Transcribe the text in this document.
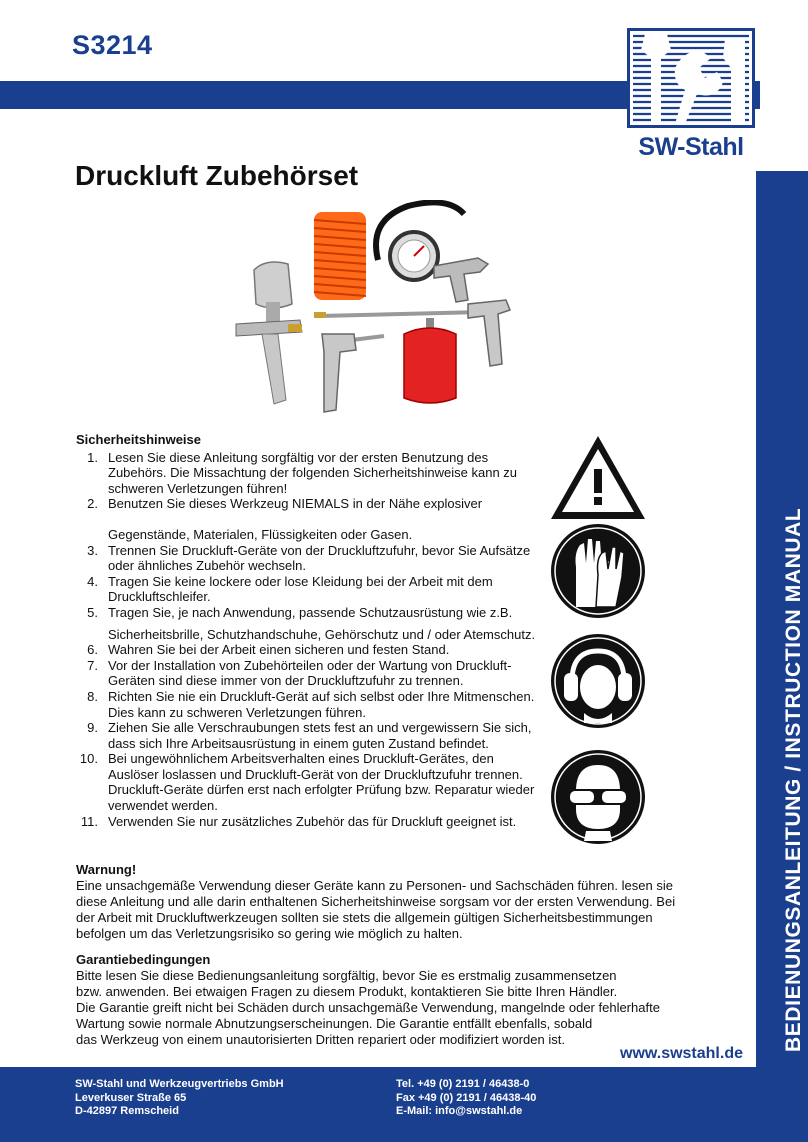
S3214
SW-Stahl
BEDIENUNGSANLEITUNG / INSTRUCTION MANUAL
Druckluft Zubehörset
Sicherheitshinweise
1. Lesen Sie diese Anleitung sorgfältig vor der ersten Benutzung des Zubehörs. Die Missachtung der folgenden Sicherheitshinweise kann zu schweren Verletzungen führen!
2. Benutzen Sie dieses Werkzeug NIEMALS in der Nähe explosiver
Gegenstände, Materialen, Flüssigkeiten oder Gasen.
3. Trennen Sie Druckluft-Geräte von der Druckluftzufuhr, bevor Sie Aufsätze oder ähnliches Zubehör wechseln.
4. Tragen Sie keine lockere oder lose Kleidung bei der Arbeit mit dem Druckluftschleifer.
5. Tragen Sie, je nach Anwendung, passende Schutzausrüstung wie z.B.
Sicherheitsbrille, Schutzhandschuhe, Gehörschutz und / oder Atemschutz.
6. Wahren Sie bei der Arbeit einen sicheren und festen Stand.
7. Vor der Installation von Zubehörteilen oder der Wartung von Druckluft-Geräten sind diese immer von der Druckluftzufuhr zu trennen.
8. Richten Sie nie ein Druckluft-Gerät auf sich selbst oder Ihre Mitmenschen. Dies kann zu schweren Verletzungen führen.
9. Ziehen Sie alle Verschraubungen stets fest an und vergewissern Sie sich, dass sich Ihre Arbeitsausrüstung in einem guten Zustand befindet.
10. Bei ungewöhnlichem Arbeitsverhalten eines Druckluft-Gerätes, den Auslöser loslassen und Druckluft-Gerät von der Druckluftzufuhr trennen. Druckluft-Geräte dürfen erst nach erfolgter Prüfung bzw. Reparatur wieder verwendet werden.
11. Verwenden Sie nur zusätzliches Zubehör das für Druckluft geeignet ist.
Warnung!
Eine unsachgemäße Verwendung dieser Geräte kann zu Personen- und Sachschäden führen. lesen sie diese Anleitung und alle darin enthaltenen Sicherheitshinweise sorgsam vor der ersten Verwendung. Bei der Arbeit mit Druckluftwerkzeugen sollten sie stets die allgemein gültigen Sicherheitsbestimmungen befolgen um das Verletzungsrisiko so gering wie möglich zu halten.
Garantiebedingungen
Bitte lesen Sie diese Bedienungsanleitung sorgfältig, bevor Sie es erstmalig zusammensetzen
bzw. anwenden. Bei etwaigen Fragen zu diesem Produkt, kontaktieren Sie bitte Ihren Händler.
Die Garantie greift nicht bei Schäden durch unsachgemäße Verwendung, mangelnde oder fehlerhafte
Wartung sowie normale Abnutzungserscheinungen. Die Garantie entfällt ebenfalls, sobald
das Werkzeug von einem unautorisierten Dritten repariert oder modifiziert worden ist.
www.swstahl.de
SW-Stahl und Werkzeugvertriebs GmbH
Leverkuser Straße 65
D-42897 Remscheid
Tel. +49 (0) 2191 / 46438-0
Fax +49 (0) 2191 / 46438-40
E-Mail: info@swstahl.de
